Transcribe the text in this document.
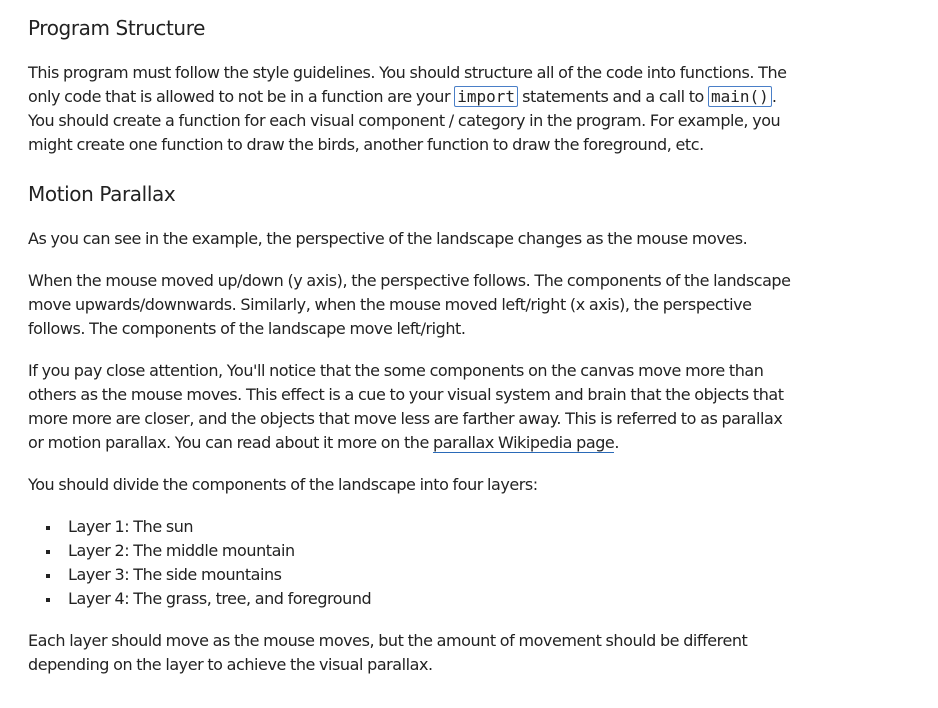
Program Structure

This program must follow the style guidelines. You should structure all of the code into functions. The
only code that is allowed to not be in a function are your import statements and a call to main() .
You should create a function for each visual component / category in the program. For example, you
might create one function to draw the birds, another function to draw the foreground, etc.

Motion Parallax

As you can see in the example, the perspective of the landscape changes as the mouse moves.

When the mouse moved up/down (y axis), the perspective follows. The components of the landscape
move upwards/downwards. Similarly, when the mouse moved left/right (x axis), the perspective
follows. The components of the landscape move left/right.

If you pay close attention, You'll notice that the some components on the canvas move more than
others as the mouse moves. This effect is a cue to your visual system and brain that the objects that
more more are closer, and the objects that move less are farther away. This is referred to as parallax
or motion parallax. You can read about it more on the parallax Wikipedia page.

You should divide the components of the landscape into four layers:

Layer 1: The sun
Layer 2: The middle mountain
Layer 3: The side mountains
Layer 4: The grass, tree, and foreground

Each layer should move as the mouse moves, but the amount of movement should be different
depending on the layer to achieve the visual parallax.
